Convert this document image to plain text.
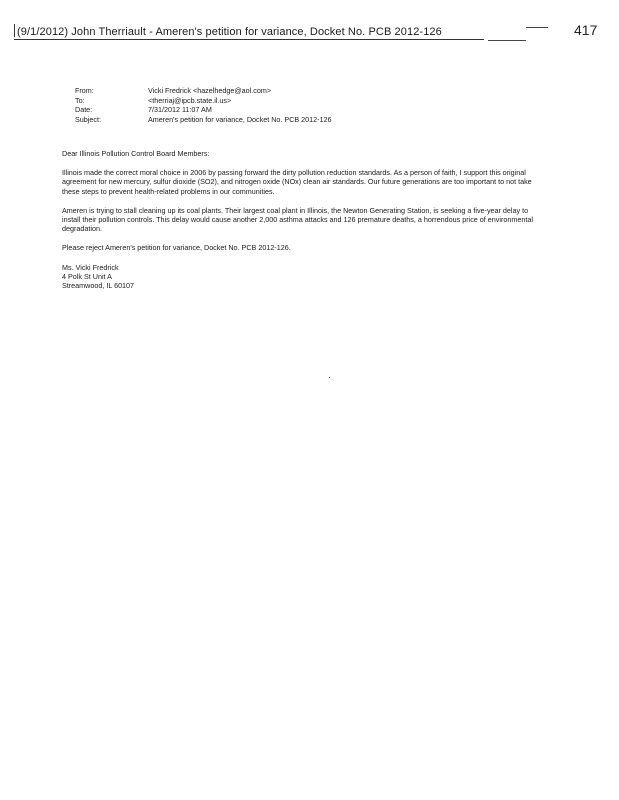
(9/1/2012) John Therriault - Ameren's petition for variance, Docket No. PCB 2012-126	417
From:	Vicki Fredrick <hazelhedge@aol.com>
To:	<therriaj@ipcb.state.il.us>
Date:	7/31/2012 11:07 AM
Subject:	Ameren's petition for variance, Docket No. PCB 2012-126

Dear Illinois Pollution Control Board Members:

Illinois made the correct moral choice in 2006 by passing forward the dirty pollution reduction standards. As a person of faith, I support this original agreement for new mercury, sulfur dioxide (SO2), and nitrogen oxide (NOx) clean air standards. Our future generations are too important to not take these steps to prevent health-related problems in our communities.

Ameren is trying to stall cleaning up its coal plants. Their largest coal plant in Illinois, the Newton Generating Station, is seeking a five-year delay to install their pollution controls. This delay would cause another 2,000 asthma attacks and 126 premature deaths, a horrendous price of environmental degradation.

Please reject Ameren's petition for variance, Docket No. PCB 2012-126.

Ms. Vicki Fredrick
4 Polk St Unit A
Streamwood, IL 60107
